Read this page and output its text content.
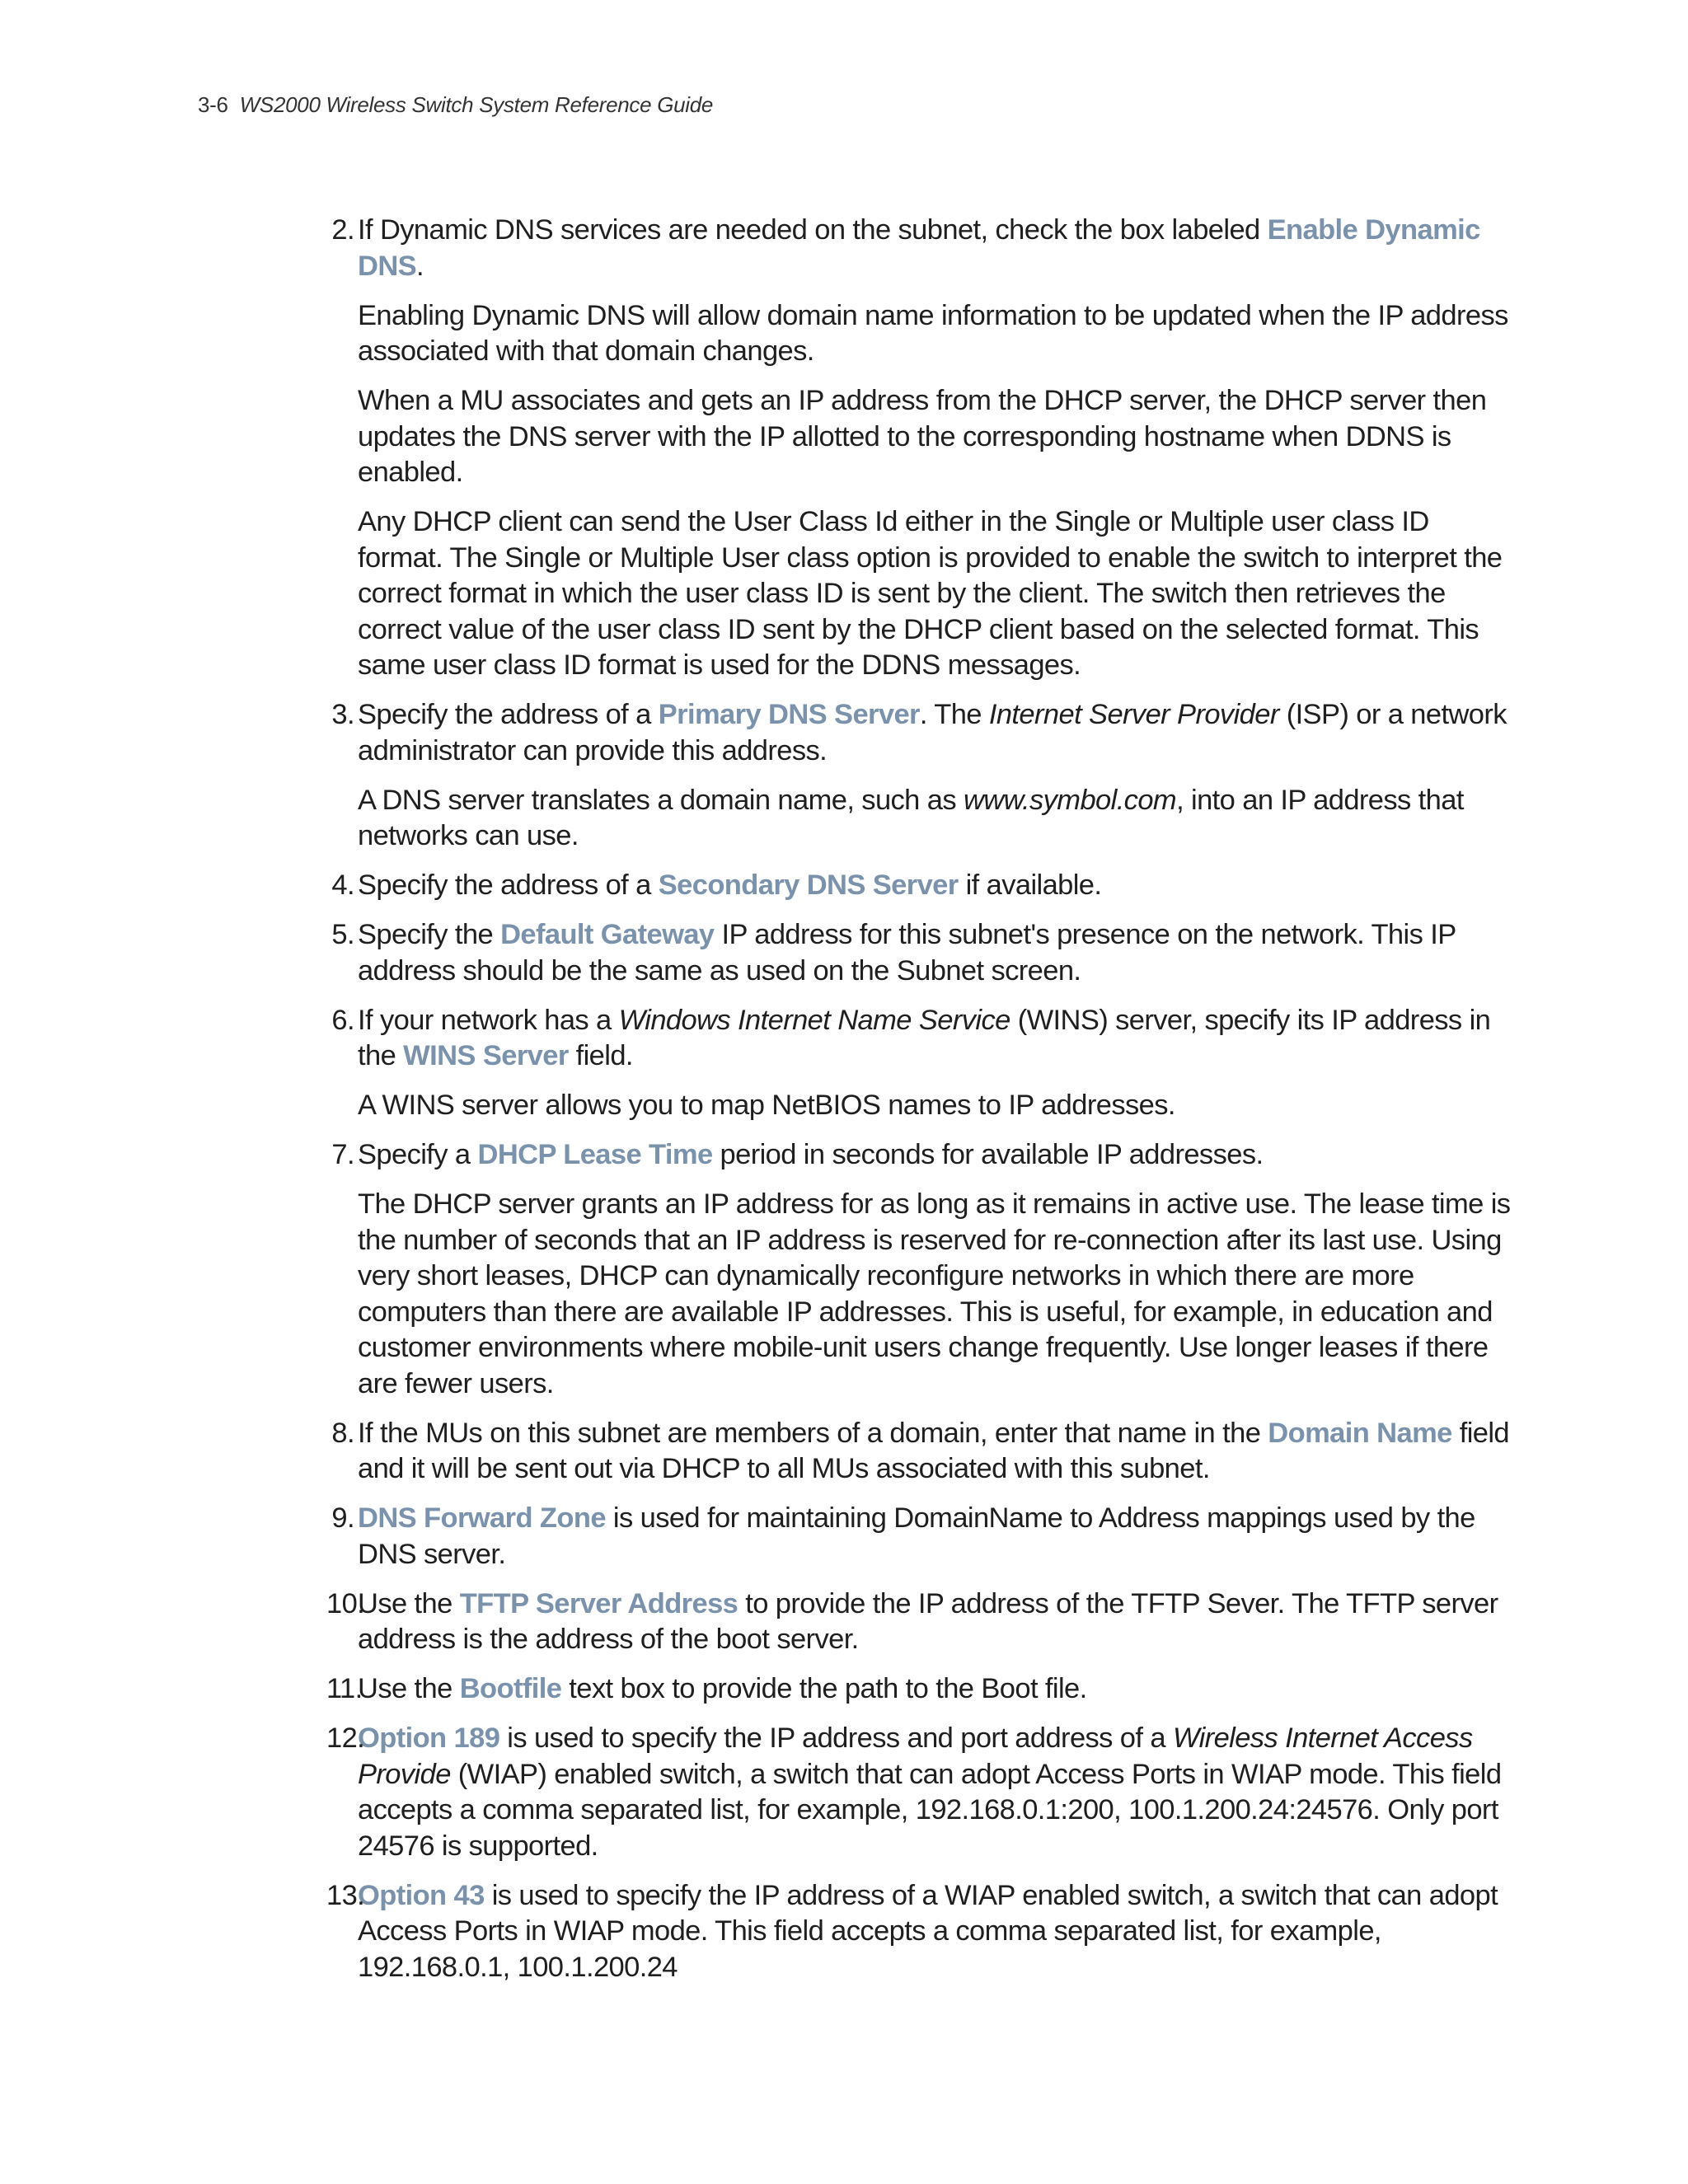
3-6 WS2000 Wireless Switch System Reference Guide
2. If Dynamic DNS services are needed on the subnet, check the box labeled Enable Dynamic DNS.
Enabling Dynamic DNS will allow domain name information to be updated when the IP address associated with that domain changes.
When a MU associates and gets an IP address from the DHCP server, the DHCP server then updates the DNS server with the IP allotted to the corresponding hostname when DDNS is enabled.
Any DHCP client can send the User Class Id either in the Single or Multiple user class ID format. The Single or Multiple User class option is provided to enable the switch to interpret the correct format in which the user class ID is sent by the client. The switch then retrieves the correct value of the user class ID sent by the DHCP client based on the selected format. This same user class ID format is used for the DDNS messages.
3. Specify the address of a Primary DNS Server. The Internet Server Provider (ISP) or a network administrator can provide this address.
A DNS server translates a domain name, such as www.symbol.com, into an IP address that networks can use.
4. Specify the address of a Secondary DNS Server if available.
5. Specify the Default Gateway IP address for this subnet's presence on the network. This IP address should be the same as used on the Subnet screen.
6. If your network has a Windows Internet Name Service (WINS) server, specify its IP address in the WINS Server field.
A WINS server allows you to map NetBIOS names to IP addresses.
7. Specify a DHCP Lease Time period in seconds for available IP addresses.
The DHCP server grants an IP address for as long as it remains in active use. The lease time is the number of seconds that an IP address is reserved for re-connection after its last use. Using very short leases, DHCP can dynamically reconfigure networks in which there are more computers than there are available IP addresses. This is useful, for example, in education and customer environments where mobile-unit users change frequently. Use longer leases if there are fewer users.
8. If the MUs on this subnet are members of a domain, enter that name in the Domain Name field and it will be sent out via DHCP to all MUs associated with this subnet.
9. DNS Forward Zone is used for maintaining DomainName to Address mappings used by the DNS server.
10.
Use the TFTP Server Address to provide the IP address of the TFTP Sever. The TFTP server address is the address of the boot server.
11.
Use the Bootfile text box to provide the path to the Boot file.
12.
Option 189 is used to specify the IP address and port address of a Wireless Internet Access Provide (WIAP) enabled switch, a switch that can adopt Access Ports in WIAP mode. This field accepts a comma separated list, for example, 192.168.0.1:200, 100.1.200.24:24576. Only port 24576 is supported.
13.
Option 43 is used to specify the IP address of a WIAP enabled switch, a switch that can adopt Access Ports in WIAP mode. This field accepts a comma separated list, for example, 192.168.0.1, 100.1.200.24
